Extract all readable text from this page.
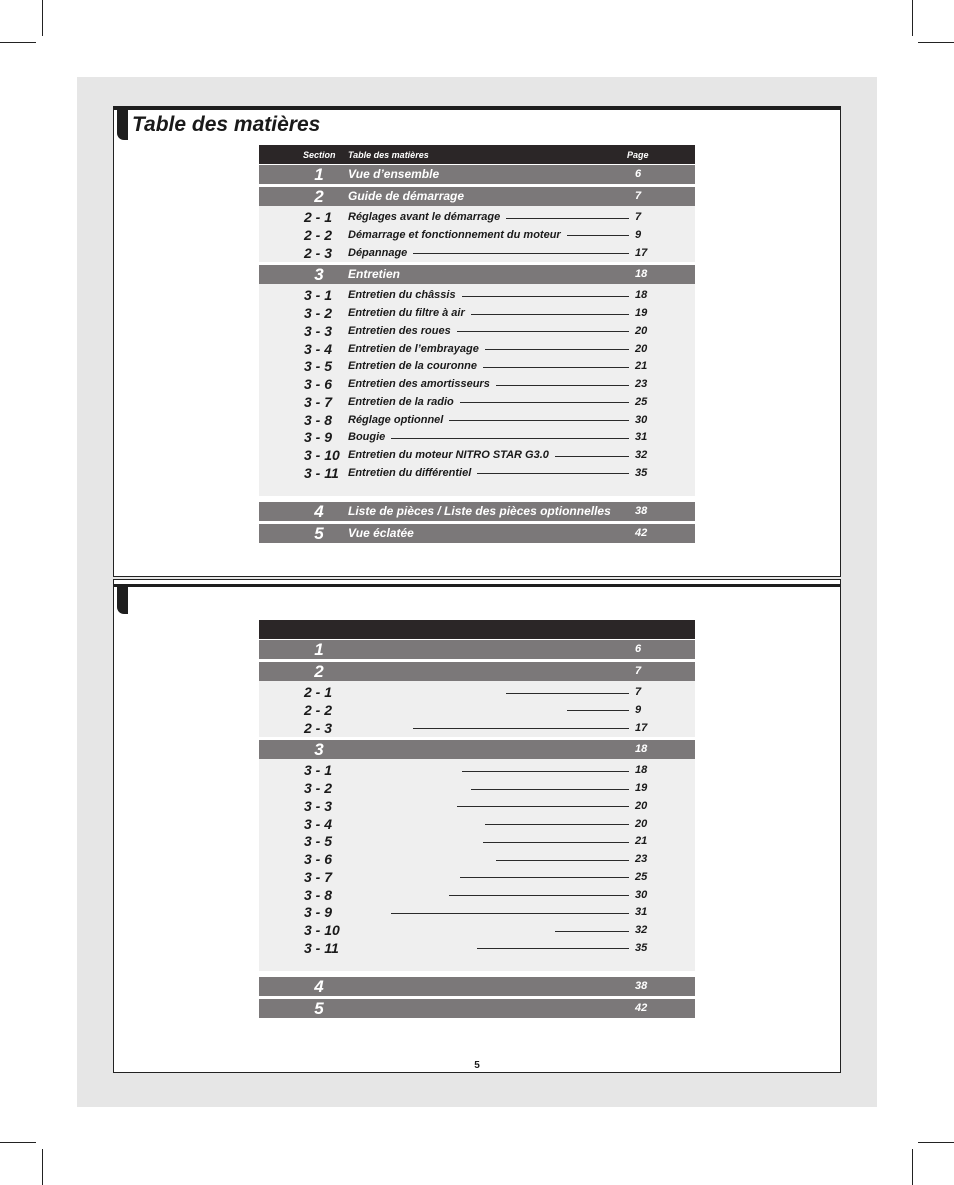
Table des matières
Section Table des matières	Page
1	Vue d’ensemble	6
2	Guide de démarrage	7
2 - 1 Réglages avant le démarrage	7
2 - 2 Démarrage et fonctionnement du moteur	9
2 - 3 Dépannage	17
3	Entretien	18
3 - 1 Entretien du châssis	18
3 - 2 Entretien du filtre à air	19
3 - 3 Entretien des roues	20
3 - 4 Entretien de l’embrayage	20
3 - 5 Entretien de la couronne	21
3 - 6 Entretien des amortisseurs	23
3 - 7 Entretien de la radio	25
3 - 8 Réglage optionnel	30
3 - 9 Bougie	31
3 - 10 Entretien du moteur NITRO STAR G3.0	32
3 - 11 Entretien du différentiel	35
4	Liste de pièces / Liste des pièces optionnelles 38
5	Vue éclatée	42
1	6
2	7
2 - 1	7
2 - 2	9
2 - 3	17
3	18
3 - 1	18
3 - 2	19
3 - 3	20
3 - 4	20
3 - 5	21
3 - 6	23
3 - 7	25
3 - 8	30
3 - 9	31
3 - 10	32
3 - 11	35
4	38
5	42
5
